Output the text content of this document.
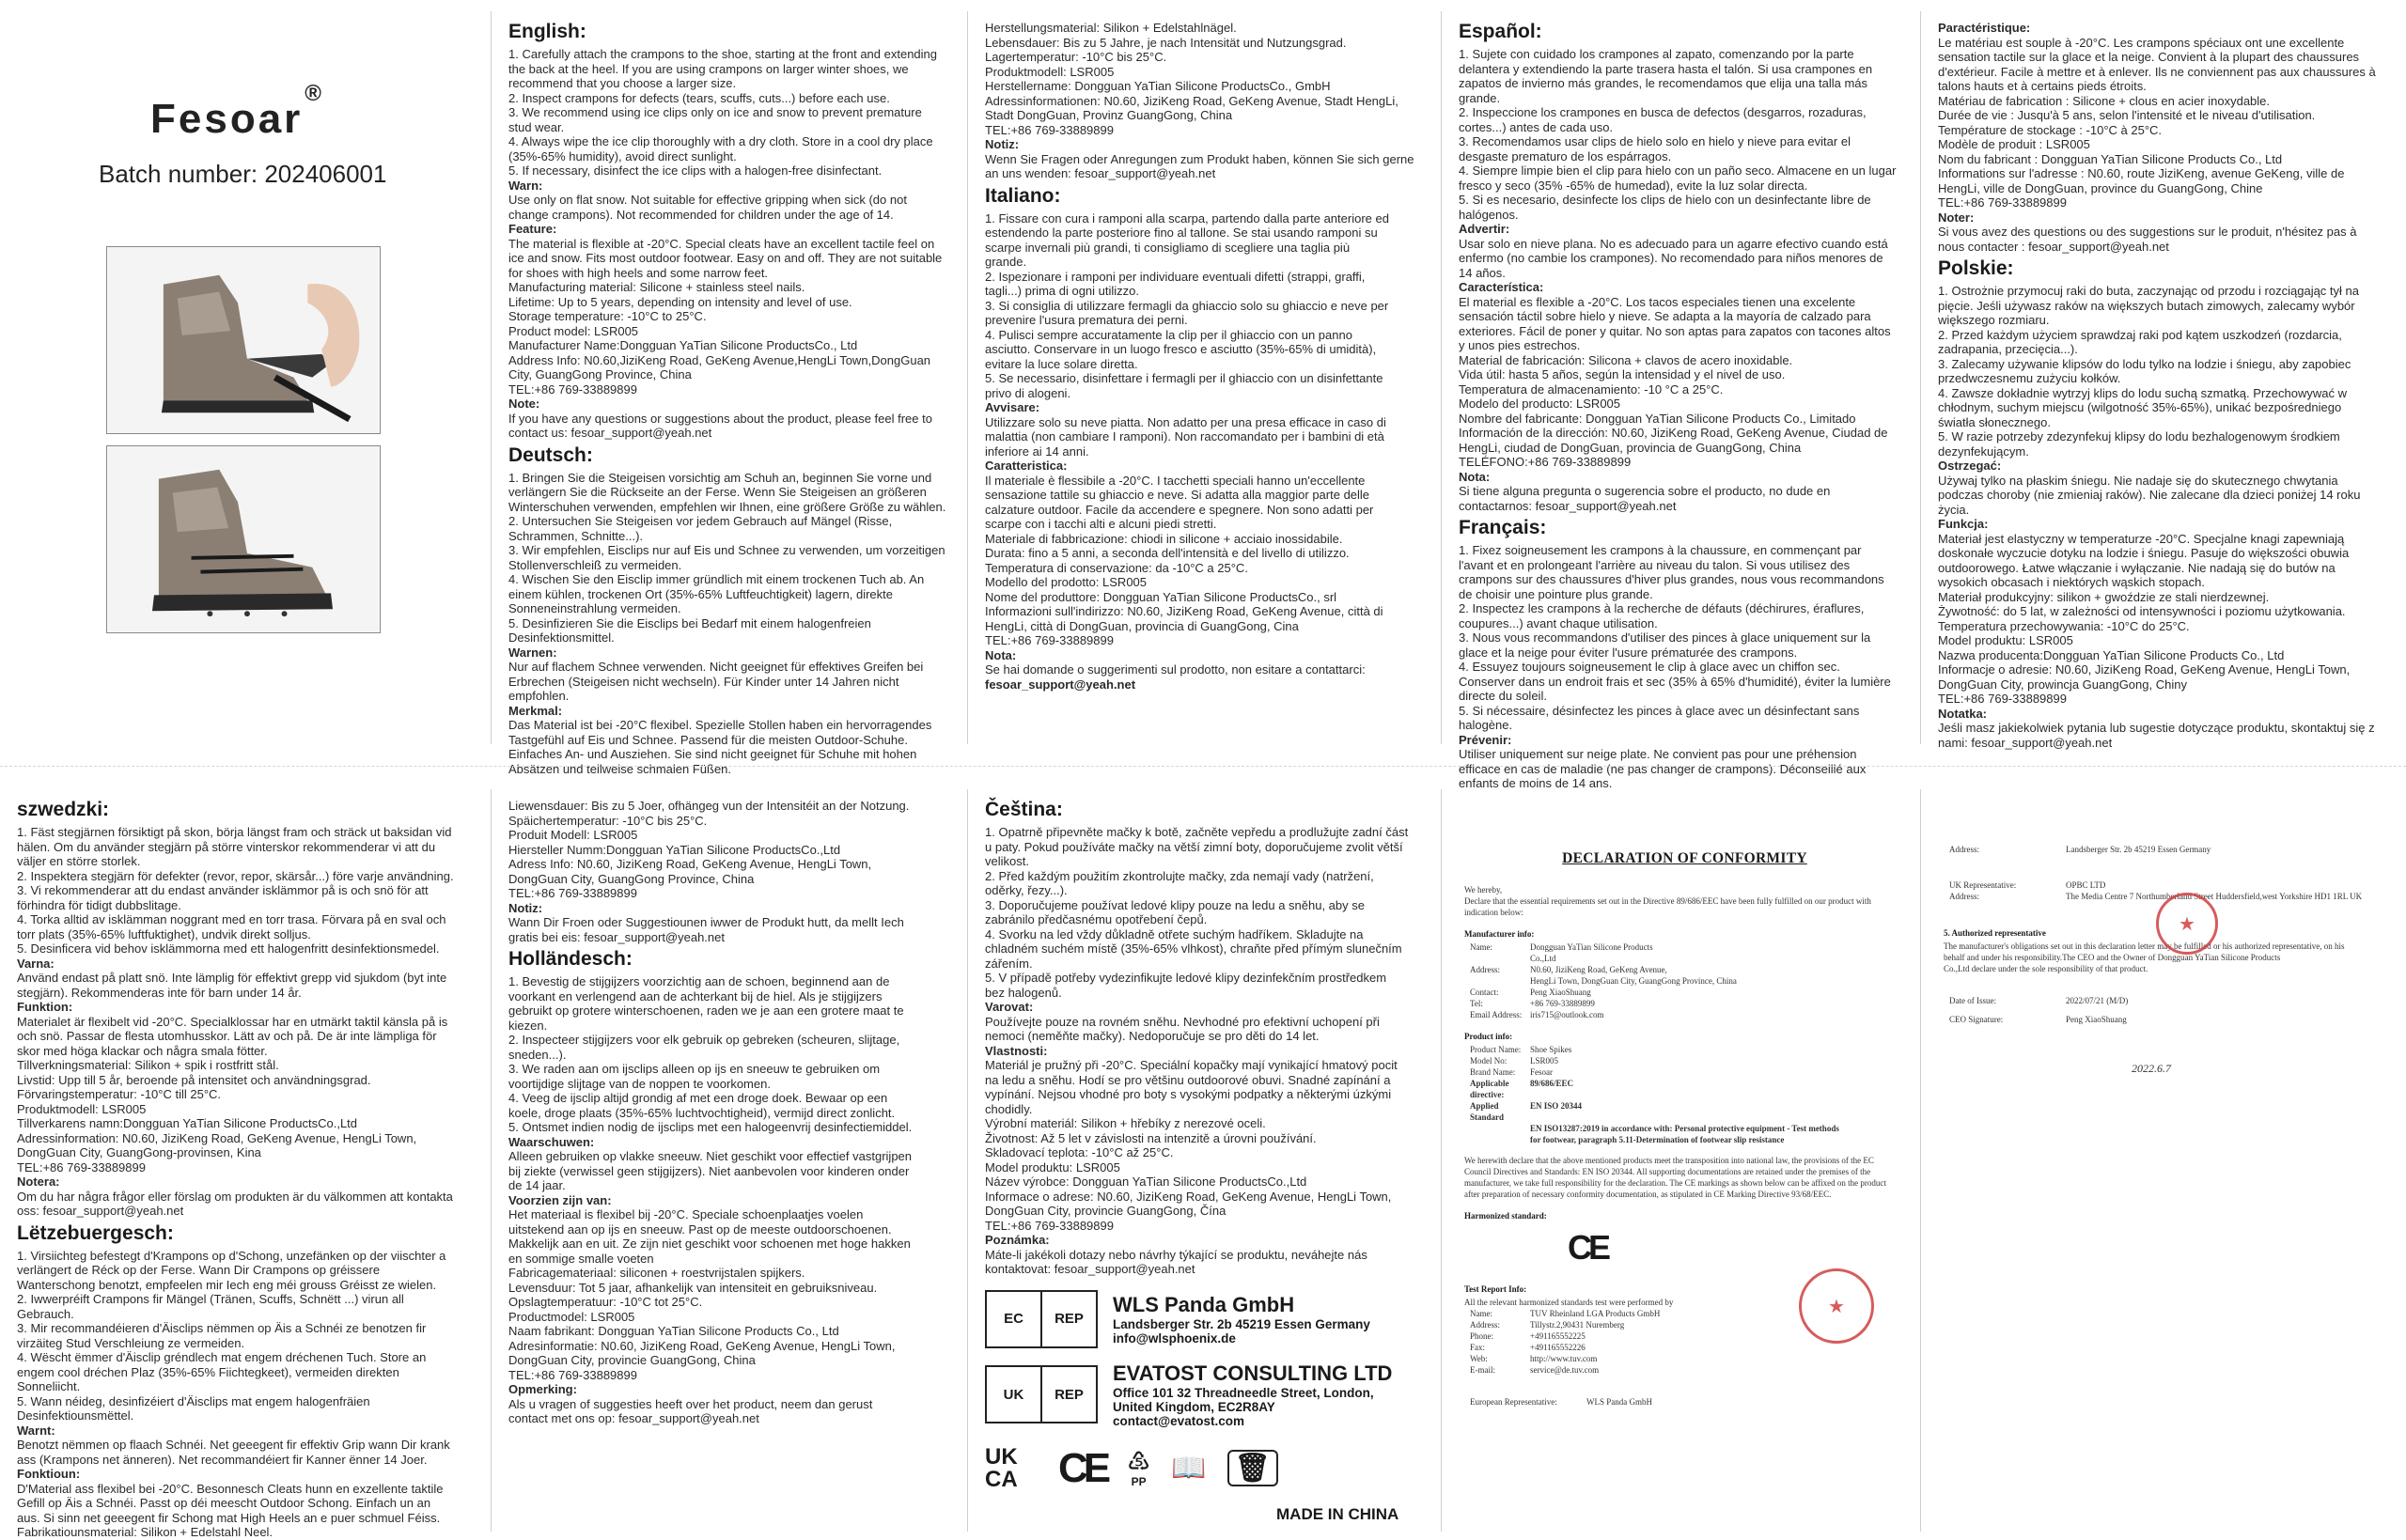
Fesoar®
Batch number: 202406001
English:
1. Carefully attach the crampons to the shoe, starting at the front and extending
the back at the heel. If you are using crampons on larger winter shoes, we
recommend that you choose a larger size.
2. Inspect crampons for defects (tears, scuffs, cuts...) before each use.
3. We recommend using ice clips only on ice and snow to prevent premature
stud wear.
4. Always wipe the ice clip thoroughly with a dry cloth. Store in a cool dry place
(35%-65% humidity), avoid direct sunlight.
5. If necessary, disinfect the ice clips with a halogen-free disinfectant.
Warn:
Use only on flat snow. Not suitable for effective gripping when sick (do not
change crampons). Not recommended for children under the age of 14.
Feature:
The material is flexible at -20°C. Special cleats have an excellent tactile feel on
ice and snow. Fits most outdoor footwear. Easy on and off. They are not suitable
for shoes with high heels and some narrow feet.
Manufacturing material: Silicone + stainless steel nails.
Lifetime: Up to 5 years, depending on intensity and level of use.
Storage temperature: -10°C to 25°C.
Product model: LSR005
Manufacturer Name:Dongguan YaTian Silicone ProductsCo., Ltd
Address Info: N0.60,JiziKeng Road, GeKeng Avenue,HengLi Town,DongGuan
City, GuangGong Province, China
TEL:+86 769-33889899
Note:
If you have any questions or suggestions about the product, please feel free to
contact us: fesoar_support@yeah.net
Deutsch:
1. Bringen Sie die Steigeisen vorsichtig am Schuh an, beginnen Sie vorne und
verlängern Sie die Rückseite an der Ferse. Wenn Sie Steigeisen an größeren
Winterschuhen verwenden, empfehlen wir Ihnen, eine größere Größe zu wählen.
2. Untersuchen Sie Steigeisen vor jedem Gebrauch auf Mängel (Risse,
Schrammen, Schnitte...).
3. Wir empfehlen, Eisclips nur auf Eis und Schnee zu verwenden, um vorzeitigen
Stollenverschleiß zu vermeiden.
4. Wischen Sie den Eisclip immer gründlich mit einem trockenen Tuch ab. An
einem kühlen, trockenen Ort (35%-65% Luftfeuchtigkeit) lagern, direkte
Sonneneinstrahlung vermeiden.
5. Desinfizieren Sie die Eisclips bei Bedarf mit einem halogenfreien
Desinfektionsmittel.
Warnen:
Nur auf flachem Schnee verwenden. Nicht geeignet für effektives Greifen bei
Erbrechen (Steigeisen nicht wechseln). Für Kinder unter 14 Jahren nicht
empfohlen.
Merkmal:
Das Material ist bei -20°C flexibel. Spezielle Stollen haben ein hervorragendes
Tastgefühl auf Eis und Schnee. Passend für die meisten Outdoor-Schuhe.
Einfaches An- und Ausziehen. Sie sind nicht geeignet für Schuhe mit hohen
Absätzen und teilweise schmalen Füßen.
Herstellungsmaterial: Silikon + Edelstahlnägel.
Lebensdauer: Bis zu 5 Jahre, je nach Intensität und Nutzungsgrad.
Lagertemperatur: -10°C bis 25°C.
Produktmodell: LSR005
Herstellername: Dongguan YaTian Silicone ProductsCo., GmbH
Adressinformationen: N0.60, JiziKeng Road, GeKeng Avenue, Stadt HengLi,
Stadt DongGuan, Provinz GuangGong, China
TEL:+86 769-33889899
Notiz:
Wenn Sie Fragen oder Anregungen zum Produkt haben, können Sie sich gerne
an uns wenden: fesoar_support@yeah.net
Italiano:
1. Fissare con cura i ramponi alla scarpa, partendo dalla parte anteriore ed
estendendo la parte posteriore fino al tallone. Se stai usando ramponi su
scarpe invernali più grandi, ti consigliamo di scegliere una taglia più
grande.
2. Ispezionare i ramponi per individuare eventuali difetti (strappi, graffi,
tagli...) prima di ogni utilizzo.
3. Si consiglia di utilizzare fermagli da ghiaccio solo su ghiaccio e neve per
prevenire l'usura prematura dei perni.
4. Pulisci sempre accuratamente la clip per il ghiaccio con un panno
asciutto. Conservare in un luogo fresco e asciutto (35%-65% di umidità),
evitare la luce solare diretta.
5. Se necessario, disinfettare i fermagli per il ghiaccio con un disinfettante
privo di alogeni.
Avvisare:
Utilizzare solo su neve piatta. Non adatto per una presa efficace in caso di
malattia (non cambiare I ramponi). Non raccomandato per i bambini di età
inferiore ai 14 anni.
Caratteristica:
Il materiale è flessibile a -20°C. I tacchetti speciali hanno un'eccellente
sensazione tattile su ghiaccio e neve. Si adatta alla maggior parte delle
calzature outdoor. Facile da accendere e spegnere. Non sono adatti per
scarpe con i tacchi alti e alcuni piedi stretti.
Materiale di fabbricazione: chiodi in silicone + acciaio inossidabile.
Durata: fino a 5 anni, a seconda dell'intensità e del livello di utilizzo.
Temperatura di conservazione: da -10°C a 25°C.
Modello del prodotto: LSR005
Nome del produttore: Dongguan YaTian Silicone ProductsCo., srl
Informazioni sull'indirizzo: N0.60, JiziKeng Road, GeKeng Avenue, città di
HengLi, città di DongGuan, provincia di GuangGong, Cina
TEL:+86 769-33889899
Nota:
Se hai domande o suggerimenti sul prodotto, non esitare a contattarci:
fesoar_support@yeah.net
Español:
1. Sujete con cuidado los crampones al zapato, comenzando por la parte
delantera y extendiendo la parte trasera hasta el talón. Si usa crampones en
zapatos de invierno más grandes, le recomendamos que elija una talla más
grande.
2. Inspeccione los crampones en busca de defectos (desgarros, rozaduras,
cortes...) antes de cada uso.
3. Recomendamos usar clips de hielo solo en hielo y nieve para evitar el
desgaste prematuro de los espárragos.
4. Siempre limpie bien el clip para hielo con un paño seco. Almacene en un lugar
fresco y seco (35% -65% de humedad), evite la luz solar directa.
5. Si es necesario, desinfecte los clips de hielo con un desinfectante libre de
halógenos.
Advertir:
Usar solo en nieve plana. No es adecuado para un agarre efectivo cuando está
enfermo (no cambie los crampones). No recomendado para niños menores de
14 años.
Característica:
El material es flexible a -20°C. Los tacos especiales tienen una excelente
sensación táctil sobre hielo y nieve. Se adapta a la mayoría de calzado para
exteriores. Fácil de poner y quitar. No son aptas para zapatos con tacones altos
y unos pies estrechos.
Material de fabricación: Silicona + clavos de acero inoxidable.
Vida útil: hasta 5 años, según la intensidad y el nivel de uso.
Temperatura de almacenamiento: -10 °C a 25°C.
Modelo del producto: LSR005
Nombre del fabricante: Dongguan YaTian Silicone Products Co., Limitado
Información de la dirección: N0.60, JiziKeng Road, GeKeng Avenue, Ciudad de
HengLi, ciudad de DongGuan, provincia de GuangGong, China
TELÉFONO:+86 769-33889899
Nota:
Si tiene alguna pregunta o sugerencia sobre el producto, no dude en
contactarnos: fesoar_support@yeah.net
Français:
1. Fixez soigneusement les crampons à la chaussure, en commençant par
l'avant et en prolongeant l'arrière au niveau du talon. Si vous utilisez des
crampons sur des chaussures d'hiver plus grandes, nous vous recommandons
de choisir une pointure plus grande.
2. Inspectez les crampons à la recherche de défauts (déchirures, éraflures,
coupures...) avant chaque utilisation.
3. Nous vous recommandons d'utiliser des pinces à glace uniquement sur la
glace et la neige pour éviter l'usure prématurée des crampons.
4. Essuyez toujours soigneusement le clip à glace avec un chiffon sec.
Conserver dans un endroit frais et sec (35% à 65% d'humidité), éviter la lumière
directe du soleil.
5. Si nécessaire, désinfectez les pinces à glace avec un désinfectant sans
halogène.
Prévenir:
Utiliser uniquement sur neige plate. Ne convient pas pour une préhension
efficace en cas de maladie (ne pas changer de crampons). Déconseillé aux
enfants de moins de 14 ans.
Paractéristique:
Le matériau est souple à -20°C. Les crampons spéciaux ont une excellente
sensation tactile sur la glace et la neige. Convient à la plupart des chaussures
d'extérieur. Facile à mettre et à enlever. Ils ne conviennent pas aux chaussures à
talons hauts et à certains pieds étroits.
Matériau de fabrication : Silicone + clous en acier inoxydable.
Durée de vie : Jusqu'à 5 ans, selon l'intensité et le niveau d'utilisation.
Température de stockage : -10°C à 25°C.
Modèle de produit : LSR005
Nom du fabricant : Dongguan YaTian Silicone Products Co., Ltd
Informations sur l'adresse : N0.60, route JiziKeng, avenue GeKeng, ville de
HengLi, ville de DongGuan, province du GuangGong, Chine
TEL:+86 769-33889899
Noter:
Si vous avez des questions ou des suggestions sur le produit, n'hésitez pas à
nous contacter : fesoar_support@yeah.net
Polskie:
1. Ostrożnie przymocuj raki do buta, zaczynając od przodu i rozciągając tył na
pięcie. Jeśli używasz raków na większych butach zimowych, zalecamy wybór
większego rozmiaru.
2. Przed każdym użyciem sprawdzaj raki pod kątem uszkodzeń (rozdarcia,
zadrapania, przecięcia...).
3. Zalecamy używanie klipsów do lodu tylko na lodzie i śniegu, aby zapobiec
przedwczesnemu zużyciu kołków.
4. Zawsze dokładnie wytrzyj klips do lodu suchą szmatką. Przechowywać w
chłodnym, suchym miejscu (wilgotność 35%-65%), unikać bezpośredniego
światła słonecznego.
5. W razie potrzeby zdezynfekuj klipsy do lodu bezhalogenowym środkiem
dezynfekującym.
Ostrzegać:
Używaj tylko na płaskim śniegu. Nie nadaje się do skutecznego chwytania
podczas choroby (nie zmieniaj raków). Nie zalecane dla dzieci poniżej 14 roku
życia.
Funkcja:
Materiał jest elastyczny w temperaturze -20°C. Specjalne knagi zapewniają
doskonałe wyczucie dotyku na lodzie i śniegu. Pasuje do większości obuwia
outdoorowego. Łatwe włączanie i wyłączanie. Nie nadają się do butów na
wysokich obcasach i niektórych wąskich stopach.
Materiał produkcyjny: silikon + gwoździe ze stali nierdzewnej.
Żywotność: do 5 lat, w zależności od intensywności i poziomu użytkowania.
Temperatura przechowywania: -10°C do 25°C.
Model produktu: LSR005
Nazwa producenta:Dongguan YaTian Silicone Products Co., Ltd
Informacje o adresie: N0.60, JiziKeng Road, GeKeng Avenue, HengLi Town,
DongGuan City, prowincja GuangGong, Chiny
TEL:+86 769-33889899
Notatka:
Jeśli masz jakiekolwiek pytania lub sugestie dotyczące produktu, skontaktuj się z
nami: fesoar_support@yeah.net
szwedzki:
1. Fäst stegjärnen försiktigt på skon, börja längst fram och sträck ut baksidan vid
hälen. Om du använder stegjärn på större vinterskor rekommenderar vi att du
väljer en större storlek.
2. Inspektera stegjärn för defekter (revor, repor, skärsår...) före varje användning.
3. Vi rekommenderar att du endast använder isklämmor på is och snö för att
förhindra för tidigt dubbslitage.
4. Torka alltid av isklämman noggrant med en torr trasa. Förvara på en sval och
torr plats (35%-65% luftfuktighet), undvik direkt solljus.
5. Desinficera vid behov isklämmorna med ett halogenfritt desinfektionsmedel.
Varna:
Använd endast på platt snö. Inte lämplig för effektivt grepp vid sjukdom (byt inte
stegjärn). Rekommenderas inte för barn under 14 år.
Funktion:
Materialet är flexibelt vid -20°C. Specialklossar har en utmärkt taktil känsla på is
och snö. Passar de flesta utomhusskor. Lätt av och på. De är inte lämpliga för
skor med höga klackar och några smala fötter.
Tillverkningsmaterial: Silikon + spik i rostfritt stål.
Livstid: Upp till 5 år, beroende på intensitet och användningsgrad.
Förvaringstemperatur: -10°C till 25°C.
Produktmodell: LSR005
Tillverkarens namn:Dongguan YaTian Silicone ProductsCo.,Ltd
Adressinformation: N0.60, JiziKeng Road, GeKeng Avenue, HengLi Town,
DongGuan City, GuangGong-provinsen, Kina
TEL:+86 769-33889899
Notera:
Om du har några frågor eller förslag om produkten är du välkommen att kontakta
oss: fesoar_support@yeah.net
Lëtzebuergesch:
1. Virsiichteg befestegt d'Krampons op d'Schong, unzefänken op der viischter a
verlängert de Réck op der Ferse. Wann Dir Crampons op gréissere
Wanterschong benotzt, empfeelen mir Iech eng méi grouss Gréisst ze wielen.
2. Iwwerpréift Crampons fir Mängel (Tränen, Scuffs, Schnëtt ...) virun all
Gebrauch.
3. Mir recommandéieren d'Äisclips nëmmen op Äis a Schnéi ze benotzen fir
virzäiteg Stud Verschleiung ze vermeiden.
4. Wëscht ëmmer d'Äisclip gréndlech mat engem dréchenen Tuch. Store an
engem cool dréchen Plaz (35%-65% Fiichtegkeet), vermeiden direkten
Sonneliicht.
5. Wann néideg, desinfizéiert d'Äisclips mat engem halogenfräien
Desinfektiounsmëttel.
Warnt:
Benotzt nëmmen op flaach Schnéi. Net geeegent fir effektiv Grip wann Dir krank
ass (Krampons net änneren). Net recommandéiert fir Kanner ënner 14 Joer.
Fonktioun:
D'Material ass flexibel bei -20°C. Besonnesch Cleats hunn en exzellente taktile
Gefill op Äis a Schnéi. Passt op déi meescht Outdoor Schong. Einfach un an
aus. Si sinn net geeegent fir Schong mat High Heels an e puer schmuel Féiss.
Fabrikatiounsmaterial: Silikon + Edelstahl Neel.
Liewensdauer: Bis zu 5 Joer, ofhängeg vun der Intensitéit an der Notzung.
Späichertemperatur: -10°C bis 25°C.
Produit Modell: LSR005
Hiersteller Numm:Dongguan YaTian Silicone ProductsCo.,Ltd
Adress Info: N0.60, JiziKeng Road, GeKeng Avenue, HengLi Town,
DongGuan City, GuangGong Province, China
TEL:+86 769-33889899
Notiz:
Wann Dir Froen oder Suggestiounen iwwer de Produkt hutt, da mellt Iech
gratis bei eis: fesoar_support@yeah.net
Holländesch:
1. Bevestig de stijgijzers voorzichtig aan de schoen, beginnend aan de
voorkant en verlengend aan de achterkant bij de hiel. Als je stijgijzers
gebruikt op grotere winterschoenen, raden we je aan een grotere maat te
kiezen.
2. Inspecteer stijgijzers voor elk gebruik op gebreken (scheuren, slijtage,
sneden...).
3. We raden aan om ijsclips alleen op ijs en sneeuw te gebruiken om
voortijdige slijtage van de noppen te voorkomen.
4. Veeg de ijsclip altijd grondig af met een droge doek. Bewaar op een
koele, droge plaats (35%-65% luchtvochtigheid), vermijd direct zonlicht.
5. Ontsmet indien nodig de ijsclips met een halogeenvrij desinfectiemiddel.
Waarschuwen:
Alleen gebruiken op vlakke sneeuw. Niet geschikt voor effectief vastgrijpen
bij ziekte (verwissel geen stijgijzers). Niet aanbevolen voor kinderen onder
de 14 jaar.
Voorzien zijn van:
Het materiaal is flexibel bij -20°C. Speciale schoenplaatjes voelen
uitstekend aan op ijs en sneeuw. Past op de meeste outdoorschoenen.
Makkelijk aan en uit. Ze zijn niet geschikt voor schoenen met hoge hakken
en sommige smalle voeten
Fabricagemateriaal: siliconen + roestvrijstalen spijkers.
Levensduur: Tot 5 jaar, afhankelijk van intensiteit en gebruiksniveau.
Opslagtemperatuur: -10°C tot 25°C.
Productmodel: LSR005
Naam fabrikant: Dongguan YaTian Silicone Products Co., Ltd
Adresinformatie: N0.60, JiziKeng Road, GeKeng Avenue, HengLi Town,
DongGuan City, provincie GuangGong, China
TEL:+86 769-33889899
Opmerking:
Als u vragen of suggesties heeft over het product, neem dan gerust
contact met ons op: fesoar_support@yeah.net
Čeština:
1. Opatrně připevněte mačky k botě, začněte vepředu a prodlužujte zadní část
u paty. Pokud používáte mačky na větší zimní boty, doporučujeme zvolit větší
velikost.
2. Před každým použitím zkontrolujte mačky, zda nemají vady (natržení,
oděrky, řezy...).
3. Doporučujeme používat ledové klipy pouze na ledu a sněhu, aby se
zabránilo předčasnému opotřebení čepů.
4. Svorku na led vždy důkladně otřete suchým hadříkem. Skladujte na
chladném suchém místě (35%-65% vlhkost), chraňte před přímým slunečním
zářením.
5. V případě potřeby vydezinfikujte ledové klipy dezinfekčním prostředkem
bez halogenů.
Varovat:
Používejte pouze na rovném sněhu. Nevhodné pro efektivní uchopení při
nemoci (neměňte mačky). Nedoporučuje se pro děti do 14 let.
Vlastnosti:
Materiál je pružný při -20°C. Speciální kopačky mají vynikající hmatový pocit
na ledu a sněhu. Hodí se pro většinu outdoorové obuvi. Snadné zapínání a
vypínání. Nejsou vhodné pro boty s vysokými podpatky a některými úzkými
chodidly.
Výrobní materiál: Silikon + hřebíky z nerezové oceli.
Životnost: Až 5 let v závislosti na intenzitě a úrovni používání.
Skladovací teplota: -10°C až 25°C.
Model produktu: LSR005
Název výrobce: Dongguan YaTian Silicone ProductsCo.,Ltd
Informace o adrese: N0.60, JiziKeng Road, GeKeng Avenue, HengLi Town,
DongGuan City, provincie GuangGong, Čína
TEL:+86 769-33889899
Poznámka:
Máte-li jakékoli dotazy nebo návrhy týkající se produktu, neváhejte nás
kontaktovat: fesoar_support@yeah.net
EC	REP
WLS Panda GmbH
Landsberger Str. 2b 45219 Essen Germany
info@wlsphoenix.de
UK	REP
EVATOST CONSULTING LTD
Office 101 32 Threadneedle Street, London,
United Kingdom, EC2R8AY
contact@evatost.com
UK
CA CE ♷
PP 📖 🗑
MADE IN CHINA
DECLARATION OF CONFORMITY
We hereby,
Declare that the essential requirements set out in the Directive 89/686/EEC have been fully fulfilled on our product with
indication below:
Manufacturer info:
Name:	Dongguan YaTian Silicone Products
Co.,Ltd
Address:	N0.60, JiziKeng Road, GeKeng Avenue,
HengLi Town, DongGuan City, GuangGong Province, China
Contact:	Peng XiaoShuang
Tel:	+86 769-33889899
Email Address: iris715@outlook.com
Product info:
Product Name:	Shoe Spikes
Model No:	LSR005
Brand Name:	Fesoar
Applicable directive:
89/686/EEC
Applied Standard
EN ISO 20344
EN ISO13287:2019 in accordance with: Personal protective equipment - Test methods
for footwear, paragraph 5.11-Determination of footwear slip resistance
We herewith declare that the above mentioned products meet the transposition into national law, the provisions of the EC
Council Directives and Standards: EN ISO 20344. All supporting documentations are retained under the premises of the
manufacturer, we take full responsibility for the declaration. The CE markings as shown below can be affixed on the product
after preparation of necessary conformity documentation, as stipulated in CE Marking Directive 93/68/EEC.
Harmonized standard:
CE
Test Report Info:
All the relevant harmonized standards test were performed by
Name:	TUV Rheinland LGA Products GmbH
Address:	Tillystr.2,90431 Nuremberg
Phone:	+491165552225
Fax:	+491165552226
Web:	http://www.tuv.com
E-mail:	service@de.tuv.com
European Representative:	WLS Panda GmbH
★
Address:	Landsberger Str. 2b 45219 Essen Germany
UK Representative:	OPBC LTD
Address:	The Media Centre 7 Northumberland Street Huddersfield,west Yorkshire HD1 1RL UK
5. Authorized representative
The manufacturer's obligations set out in this declaration letter may be fulfilled or his authorized representative, on his
behalf and under his responsibility.The CEO and the Owner of Dongguan YaTian Silicone Products
Co.,Ltd declare under the sole responsibility of that product.
Date of Issue:	2022/07/21 (M/D)
CEO Signature:	Peng XiaoShuang
2022.6.7
★
